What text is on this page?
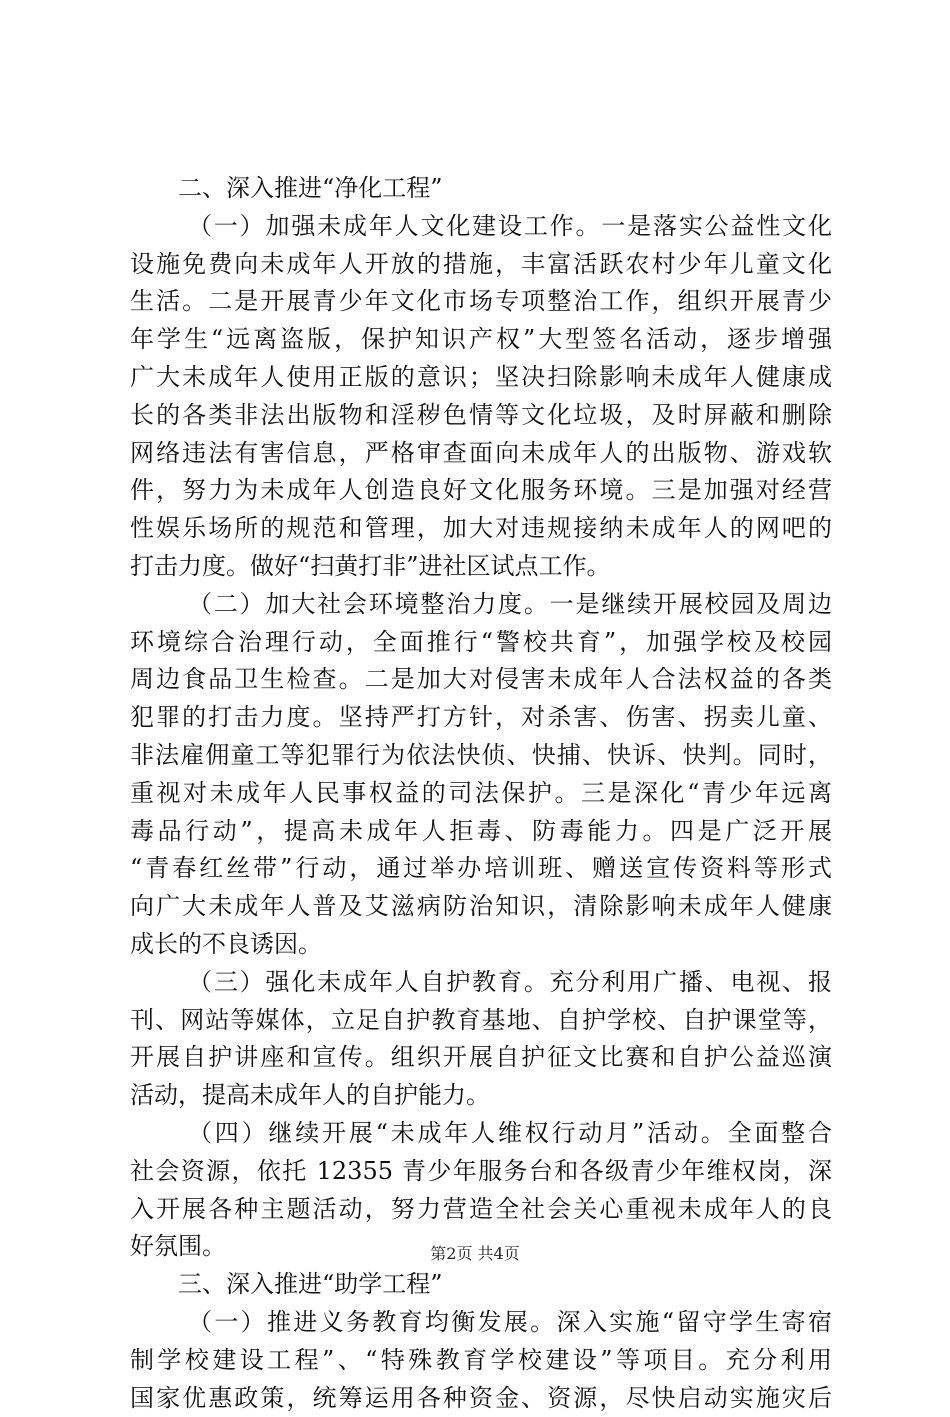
二、深入推进“净化工程”
（一）加强未成年人文化建设工作。一是落实公益性文化
设施免费向未成年人开放的措施，丰富活跃农村少年儿童文化
生活。二是开展青少年文化市场专项整治工作，组织开展青少
年学生“远离盗版，保护知识产权”大型签名活动，逐步增强
广大未成年人使用正版的意识；坚决扫除影响未成年人健康成
长的各类非法出版物和淫秽色情等文化垃圾，及时屏蔽和删除
网络违法有害信息，严格审查面向未成年人的出版物、游戏软
件，努力为未成年人创造良好文化服务环境。三是加强对经营
性娱乐场所的规范和管理，加大对违规接纳未成年人的网吧的
打击力度。做好“扫黄打非”进社区试点工作。
（二）加大社会环境整治力度。一是继续开展校园及周边
环境综合治理行动，全面推行“警校共育”，加强学校及校园
周边食品卫生检查。二是加大对侵害未成年人合法权益的各类
犯罪的打击力度。坚持严打方针，对杀害、伤害、拐卖儿童、
非法雇佣童工等犯罪行为依法快侦、快捕、快诉、快判。同时，
重视对未成年人民事权益的司法保护。三是深化“青少年远离
毒品行动”，提高未成年人拒毒、防毒能力。四是广泛开展
“青春红丝带”行动，通过举办培训班、赠送宣传资料等形式
向广大未成年人普及艾滋病防治知识，清除影响未成年人健康
成长的不良诱因。
（三）强化未成年人自护教育。充分利用广播、电视、报
刊、网站等媒体，立足自护教育基地、自护学校、自护课堂等，
开展自护讲座和宣传。组织开展自护征文比赛和自护公益巡演
活动，提高未成年人的自护能力。
（四）继续开展“未成年人维权行动月”活动。全面整合
社会资源，依托 12355 青少年服务台和各级青少年维权岗，深
入开展各种主题活动，努力营造全社会关心重视未成年人的良
好氛围。
三、深入推进“助学工程”
（一）推进义务教育均衡发展。深入实施“留守学生寄宿
制学校建设工程”、“特殊教育学校建设”等项目。充分利用
国家优惠政策，统筹运用各种资金、资源，尽快启动实施灾后
第2页 共4页
